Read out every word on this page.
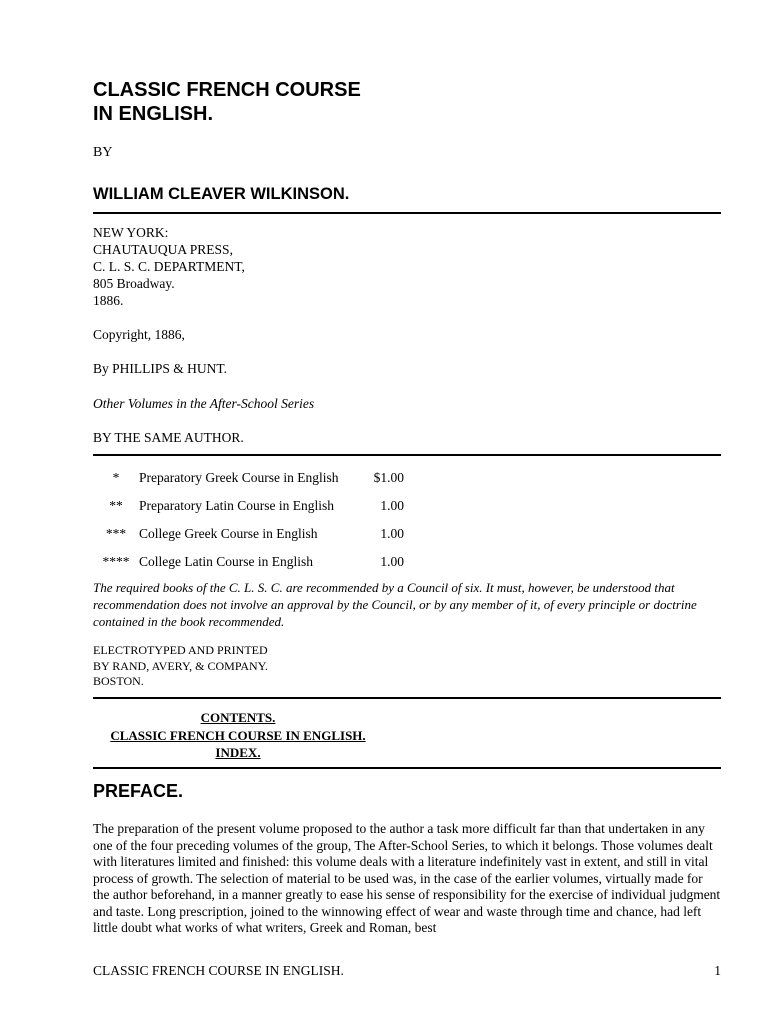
CLASSIC FRENCH COURSE
IN ENGLISH.
BY
WILLIAM CLEAVER WILKINSON.
NEW YORK:
CHAUTAUQUA PRESS,
C. L. S. C. DEPARTMENT,
805 Broadway.
1886.
Copyright, 1886,
By PHILLIPS & HUNT.
Other Volumes in the After-School Series
BY THE SAME AUTHOR.
*	Preparatory Greek Course in English	$1.00
**	Preparatory Latin Course in English	1.00
***	College Greek Course in English	1.00
****	College Latin Course in English	1.00
The required books of the C. L. S. C. are recommended by a Council of six. It must, however, be understood that recommendation does not involve an approval by the Council, or by any member of it, of every principle or doctrine contained in the book recommended.
ELECTROTYPED AND PRINTED
BY RAND, AVERY, & COMPANY.
BOSTON.
CONTENTS.
CLASSIC FRENCH COURSE IN ENGLISH.
INDEX.
PREFACE.
The preparation of the present volume proposed to the author a task more difficult far than that undertaken in any one of the four preceding volumes of the group, The After-School Series, to which it belongs. Those volumes dealt with literatures limited and finished: this volume deals with a literature indefinitely vast in extent, and still in vital process of growth. The selection of material to be used was, in the case of the earlier volumes, virtually made for the author beforehand, in a manner greatly to ease his sense of responsibility for the exercise of individual judgment and taste. Long prescription, joined to the winnowing effect of wear and waste through time and chance, had left little doubt what works of what writers, Greek and Roman, best
CLASSIC FRENCH COURSE IN ENGLISH.	1
